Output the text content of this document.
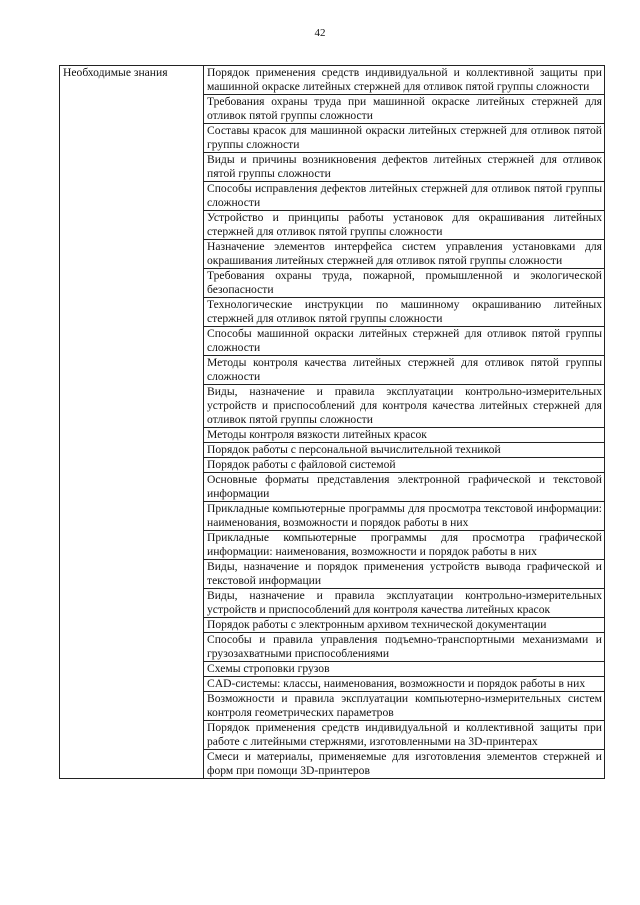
42
Необходимые знания	Порядок применения средств индивидуальной и коллективной защиты при машинной окраске литейных стержней для отливок пятой группы сложности
Требования охраны труда при машинной окраске литейных стержней для отливок пятой группы сложности
Составы красок для машинной окраски литейных стержней для отливок пятой группы сложности
Виды и причины возникновения дефектов литейных стержней для отливок пятой группы сложности
Способы исправления дефектов литейных стержней для отливок пятой группы сложности
Устройство и принципы работы установок для окрашивания литейных стержней для отливок пятой группы сложности
Назначение элементов интерфейса систем управления установками для окрашивания литейных стержней для отливок пятой группы сложности
Требования охраны труда, пожарной, промышленной и экологической безопасности
Технологические инструкции по машинному окрашиванию литейных стержней для отливок пятой группы сложности
Способы машинной окраски литейных стержней для отливок пятой группы сложности
Методы контроля качества литейных стержней для отливок пятой группы сложности
Виды, назначение и правила эксплуатации контрольно-измерительных устройств и приспособлений для контроля качества литейных стержней для отливок пятой группы сложности
Методы контроля вязкости литейных красок
Порядок работы с персональной вычислительной техникой
Порядок работы с файловой системой
Основные форматы представления электронной графической и текстовой информации
Прикладные компьютерные программы для просмотра текстовой информации: наименования, возможности и порядок работы в них
Прикладные компьютерные программы для просмотра графической информации: наименования, возможности и порядок работы в них
Виды, назначение и порядок применения устройств вывода графической и текстовой информации
Виды, назначение и правила эксплуатации контрольно-измерительных устройств и приспособлений для контроля качества литейных красок
Порядок работы с электронным архивом технической документации
Способы и правила управления подъемно-транспортными механизмами и грузозахватными приспособлениями
Схемы строповки грузов
CAD-системы: классы, наименования, возможности и порядок работы в них
Возможности и правила эксплуатации компьютерно-измерительных систем контроля геометрических параметров
Порядок применения средств индивидуальной и коллективной защиты при работе с литейными стержнями, изготовленными на 3D-принтерах
Смеси и материалы, применяемые для изготовления элементов стержней и форм при помощи 3D-принтеров
